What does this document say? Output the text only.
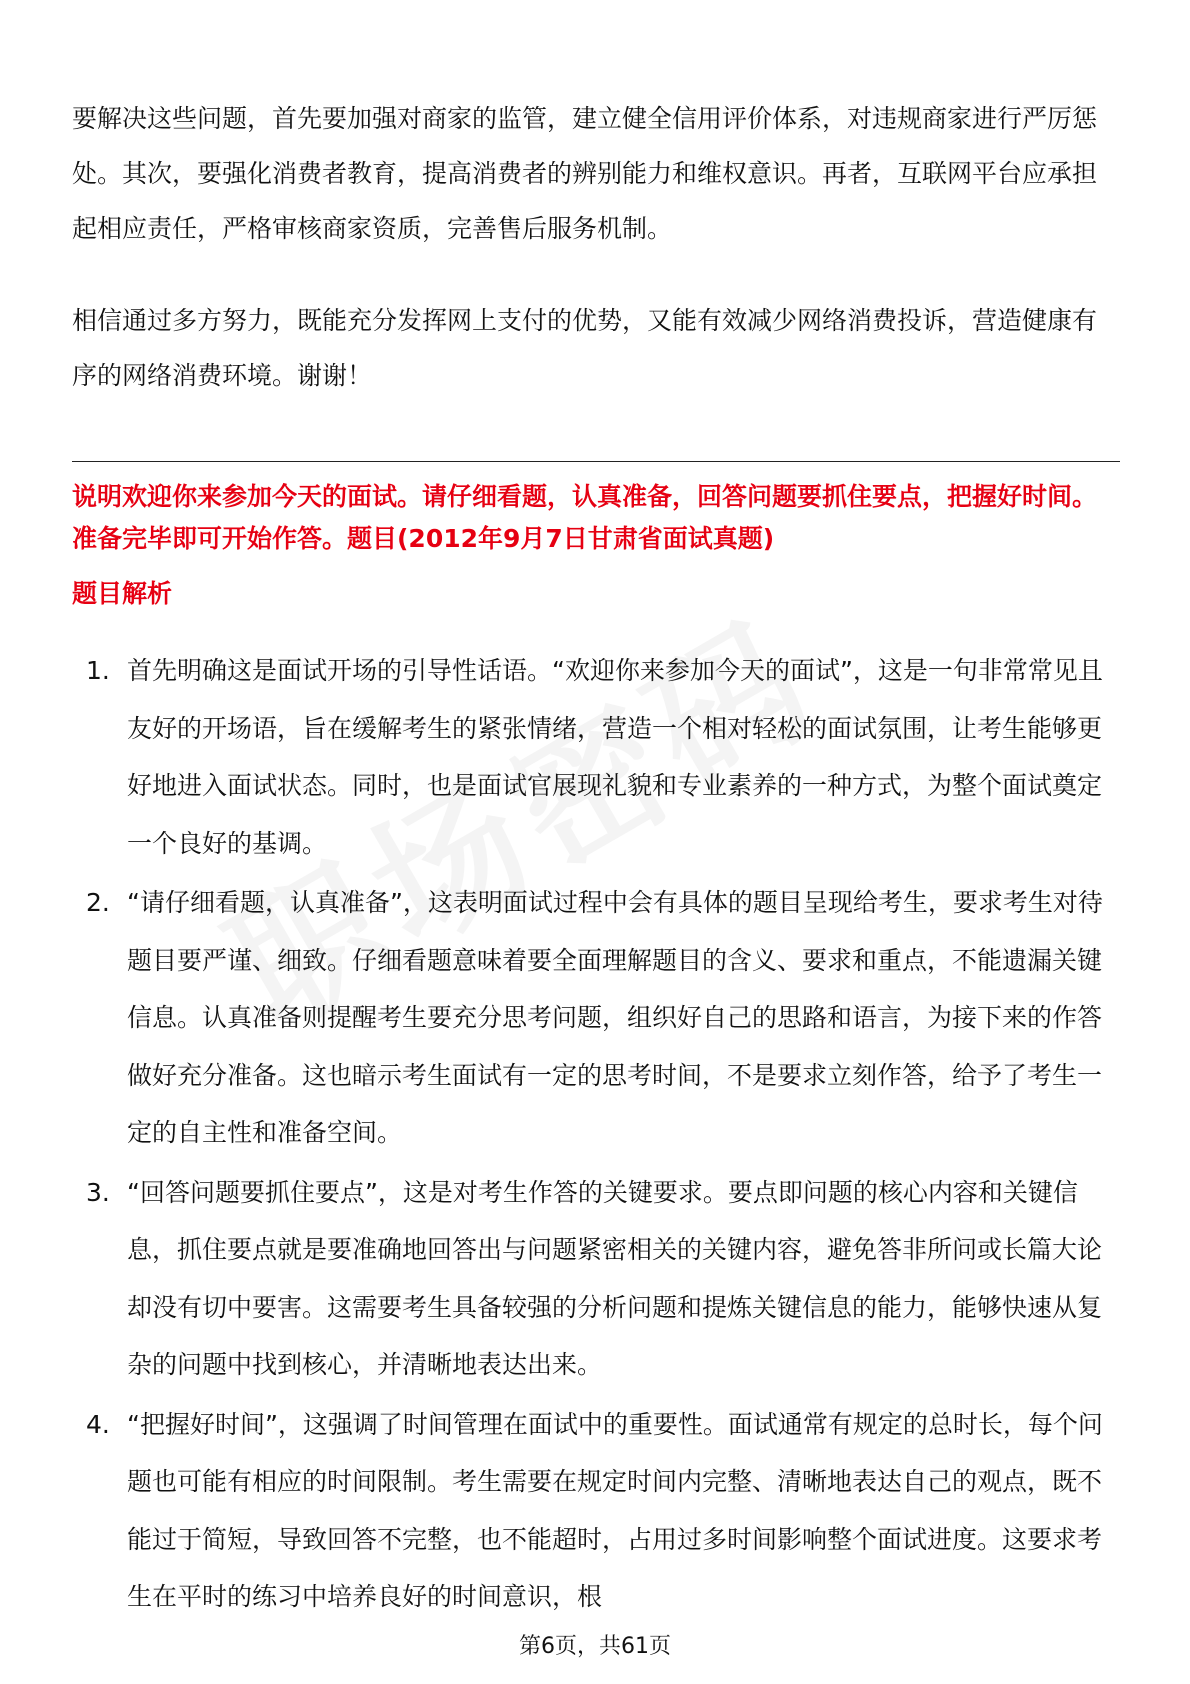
要解决这些问题，首先要加强对商家的监管，建立健全信用评价体系，对违规商家进行严厉惩处。其次，要强化消费者教育，提高消费者的辨别能力和维权意识。再者，互联网平台应承担起相应责任，严格审核商家资质，完善售后服务机制。

相信通过多方努力，既能充分发挥网上支付的优势，又能有效减少网络消费投诉，营造健康有序的网络消费环境。谢谢！

说明欢迎你来参加今天的面试。请仔细看题，认真准备，回答问题要抓住要点，把握好时间。准备完毕即可开始作答。题目(2012年9月7日甘肃省面试真题)

题目解析

1. 首先明确这是面试开场的引导性话语。“欢迎你来参加今天的面试”，这是一句非常常见且友好的开场语，旨在缓解考生的紧张情绪，营造一个相对轻松的面试氛围，让考生能够更好地进入面试状态。同时，也是面试官展现礼貌和专业素养的一种方式，为整个面试奠定一个良好的基调。
2. “请仔细看题，认真准备”，这表明面试过程中会有具体的题目呈现给考生，要求考生对待题目要严谨、细致。仔细看题意味着要全面理解题目的含义、要求和重点，不能遗漏关键信息。认真准备则提醒考生要充分思考问题，组织好自己的思路和语言，为接下来的作答做好充分准备。这也暗示考生面试有一定的思考时间，不是要求立刻作答，给予了考生一定的自主性和准备空间。
3. “回答问题要抓住要点”，这是对考生作答的关键要求。要点即问题的核心内容和关键信息，抓住要点就是要准确地回答出与问题紧密相关的关键内容，避免答非所问或长篇大论却没有切中要害。这需要考生具备较强的分析问题和提炼关键信息的能力，能够快速从复杂的问题中找到核心，并清晰地表达出来。
4. “把握好时间”，这强调了时间管理在面试中的重要性。面试通常有规定的总时长，每个问题也可能有相应的时间限制。考生需要在规定时间内完整、清晰地表达自己的观点，既不能过于简短，导致回答不完整，也不能超时，占用过多时间影响整个面试进度。这要求考生在平时的练习中培养良好的时间意识，根
第6页，共61页
